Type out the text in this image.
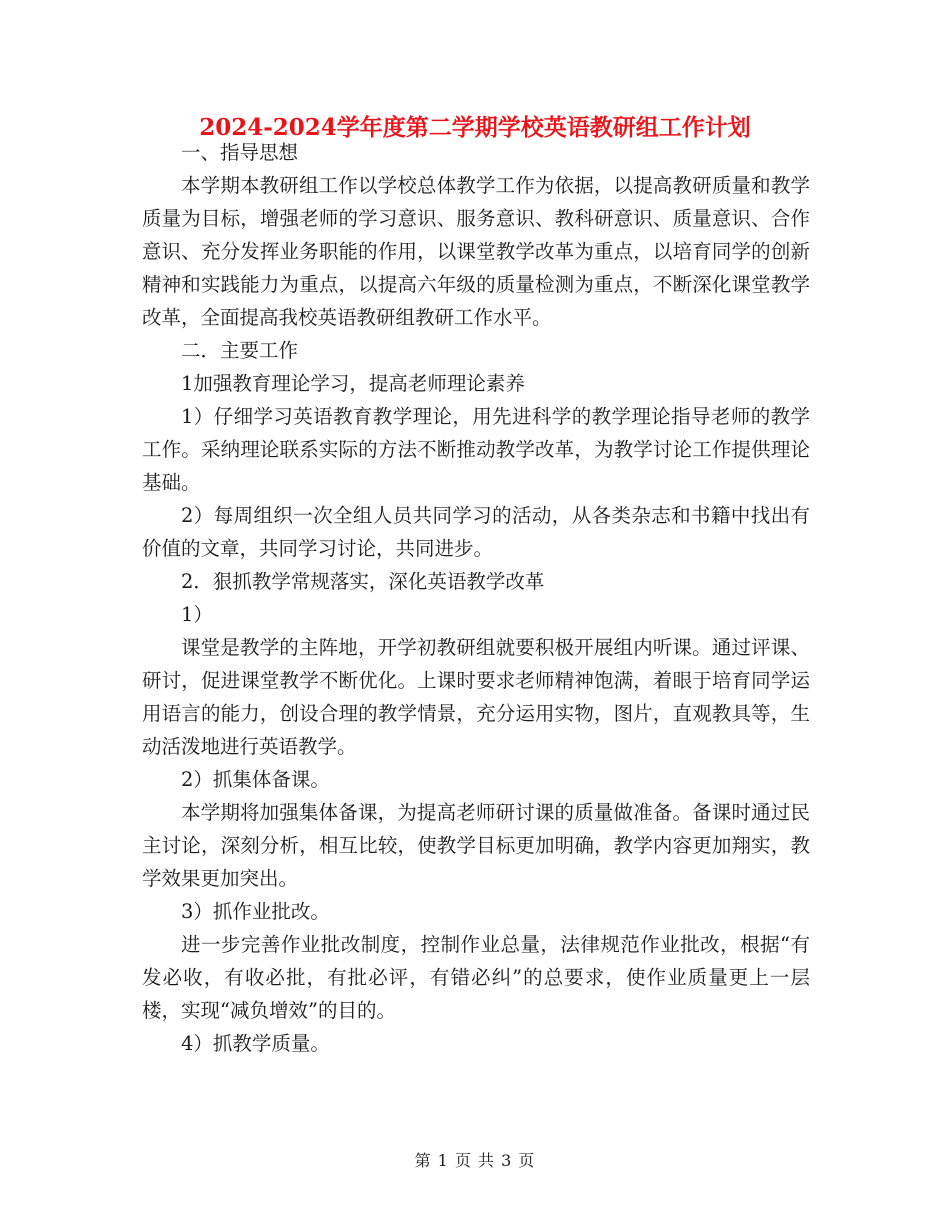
2024-2024学年度第二学期学校英语教研组工作计划

一、指导思想

本学期本教研组工作以学校总体教学工作为依据，以提高教研质量和教学质量为目标，增强老师的学习意识、服务意识、教科研意识、质量意识、合作意识、充分发挥业务职能的作用，以课堂教学改革为重点，以培育同学的创新精神和实践能力为重点，以提高六年级的质量检测为重点，不断深化课堂教学改革，全面提高我校英语教研组教研工作水平。

二．主要工作

1加强教育理论学习，提高老师理论素养

1）仔细学习英语教育教学理论，用先进科学的教学理论指导老师的教学工作。采纳理论联系实际的方法不断推动教学改革，为教学讨论工作提供理论基础。

2）每周组织一次全组人员共同学习的活动，从各类杂志和书籍中找出有价值的文章，共同学习讨论，共同进步。

2．狠抓教学常规落实，深化英语教学改革

1）

课堂是教学的主阵地，开学初教研组就要积极开展组内听课。通过评课、研讨，促进课堂教学不断优化。上课时要求老师精神饱满，着眼于培育同学运用语言的能力，创设合理的教学情景，充分运用实物，图片，直观教具等，生动活泼地进行英语教学。

2）抓集体备课。

本学期将加强集体备课，为提高老师研讨课的质量做准备。备课时通过民主讨论，深刻分析，相互比较，使教学目标更加明确，教学内容更加翔实，教学效果更加突出。

3）抓作业批改。

进一步完善作业批改制度，控制作业总量，法律规范作业批改，根据“有发必收，有收必批，有批必评，有错必纠”的总要求，使作业质量更上一层楼，实现“减负增效”的目的。

4）抓教学质量。

第 1 页 共 3 页
